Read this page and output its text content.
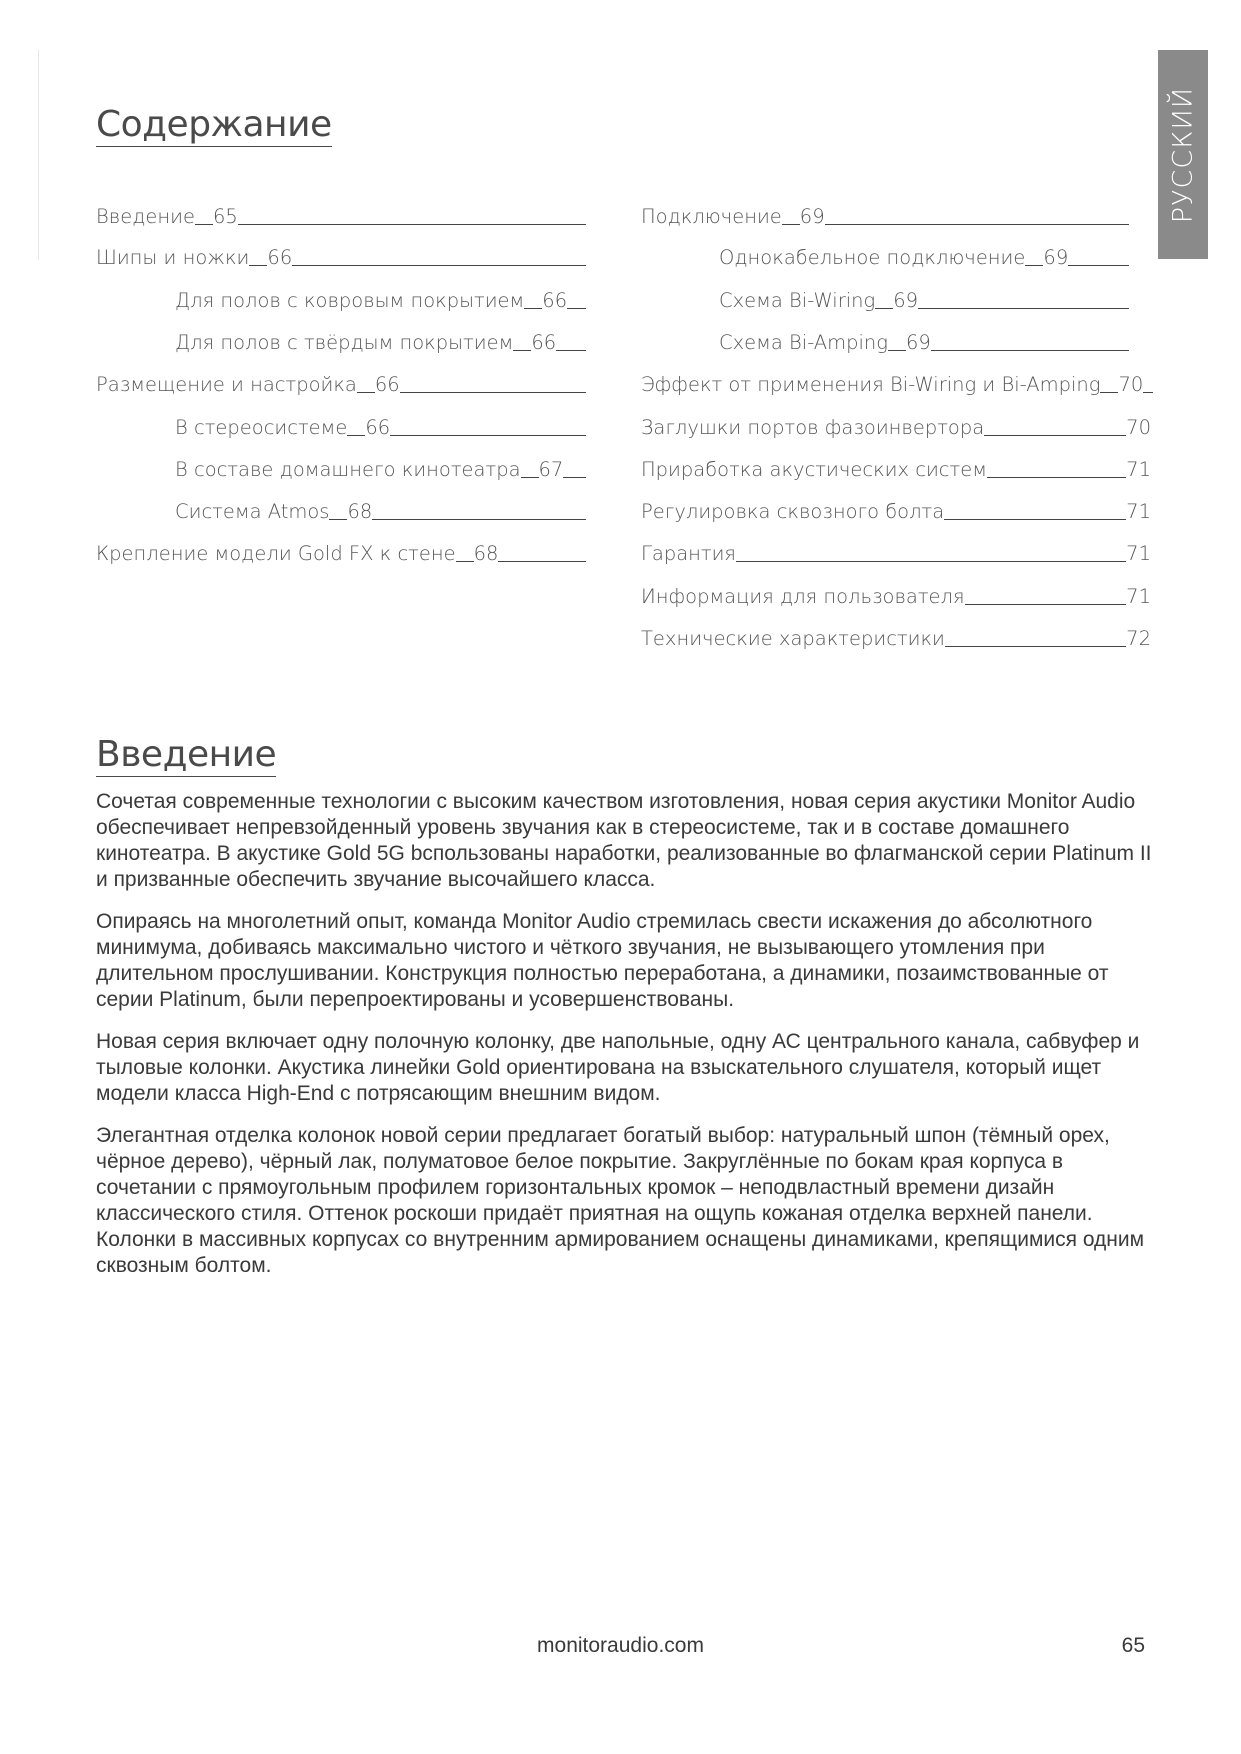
РУССКИЙ
Содержание
Введение 65
Шипы и ножки 66
Для полов с ковровым покрытием 66
Для полов с твёрдым покрытием 66
Размещение и настройка 66
В стереосистеме 66
В составе домашнего кинотеатра 67
Система Atmos 68
Крепление модели Gold FX к стене 68
Подключение 69
Однокабельное подключение 69
Схема Bi-Wiring 69
Схема Bi-Amping 69
Эффект от применения Bi-Wiring и Bi-Amping 70
Заглушки портов фазоинвертора	70
Приработка акустических систем	71
Регулировка сквозного болта	71
Гарантия	71
Информация для пользователя	71
Технические характеристики	72
Введение

Сочетая современные технологии с высоким качеством изготовления, новая серия акустики Monitor Audio обеспечивает непревзойденный уровень звучания как в стереосистеме, так и в составе домашнего кинотеатра. В акустике Gold 5G bспользованы наработки, реализованные во флагманской серии Platinum II и призванные обеспечить звучание высочайшего класса.

Опираясь на многолетний опыт, команда Monitor Audio стремилась свести искажения до абсолютного минимума, добиваясь максимально чистого и чёткого звучания, не вызывающего утомления при длительном прослушивании. Конструкция полностью переработана, а динамики, позаимствованные от серии Platinum, были перепроектированы и усовершенствованы.

Новая серия включает одну полочную колонку, две напольные, одну АС центрального канала, сабвуфер и тыловые колонки. Акустика линейки Gold ориентирована на взыскательного слушателя, который ищет модели класса High-End с потрясающим внешним видом.

Элегантная отделка колонок новой серии предлагает богатый выбор: натуральный шпон (тёмный орех, чёрное дерево), чёрный лак, полуматовое белое покрытие. Закруглённые по бокам края корпуса в сочетании с прямоугольным профилем горизонтальных кромок – неподвластный времени дизайн классического стиля. Оттенок роскоши придаёт приятная на ощупь кожаная отделка верхней панели. Колонки в массивных корпусах со внутренним армированием оснащены динамиками, крепящимися одним сквозным болтом.

monitoraudio.com	65
